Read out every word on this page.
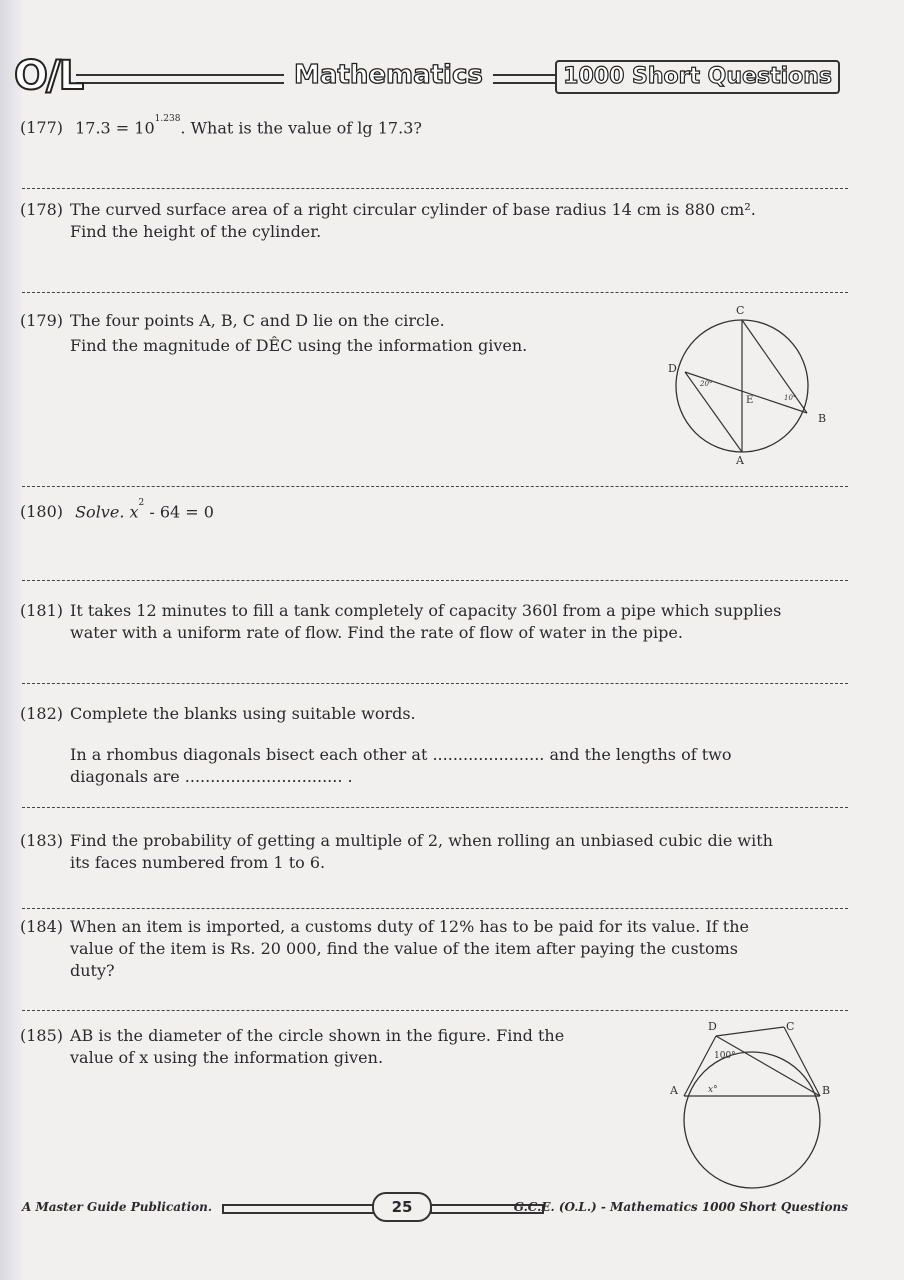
O/L	Mathematics	1000 Short Questions
(177) $17.3 = 10^{1.238}$. What is the value of lg 17.3?
(178) The curved surface area of a right circular cylinder of base radius 14 cm is 880 cm².
Find the height of the cylinder.
(179) The four points A, B, C and D lie on the circle.
Find the magnitude of DÊC using the information given.
C
D
E
A
B
20°
10°
(180) Solve. $x^2 - 64 = 0$
(181) It takes 12 minutes to fill a tank completely of capacity 360l from a pipe which supplies
water with a uniform rate of flow. Find the rate of flow of water in the pipe.
(182) Complete the blanks using suitable words.
In a rhombus diagonals bisect each other at ...................... and the lengths of two
diagonals are ............................... .
(183) Find the probability of getting a multiple of 2, when rolling an unbiased cubic die with
its faces numbered from 1 to 6.
(184) When an item is imported, a customs duty of 12% has to be paid for its value. If the
value of the item is Rs. 20 000, find the value of the item after paying the customs
duty?
(185) AB is the diameter of the circle shown in the figure. Find the
value of x using the information given.
D	C
A	B
100°
x°
A Master Guide Publication.	25	G.C.E. (O.L.) - Mathematics 1000 Short Questions
